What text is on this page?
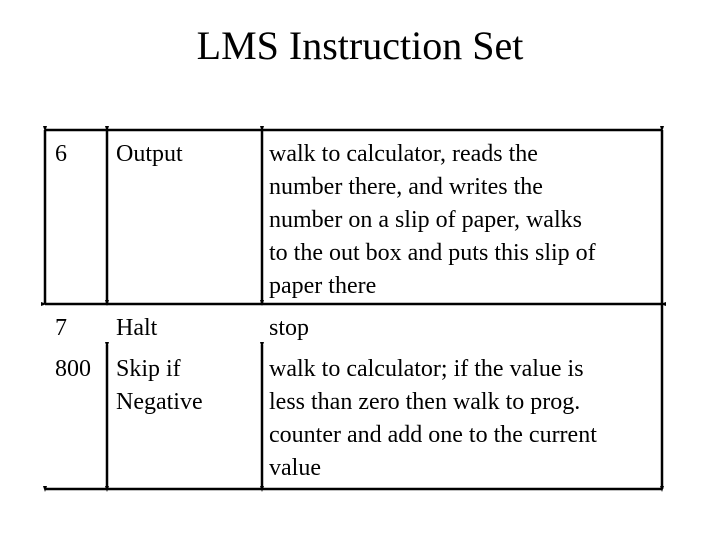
LMS Instruction Set
6 Output	walk to calculator, reads the
number there, and writes the
number on a slip of paper, walks
to the out box and puts this slip of
paper there
7 Halt	stop
800 Skip if
Negative
walk to calculator; if the value is
less than zero then walk to prog.
counter and add one to the current
value
